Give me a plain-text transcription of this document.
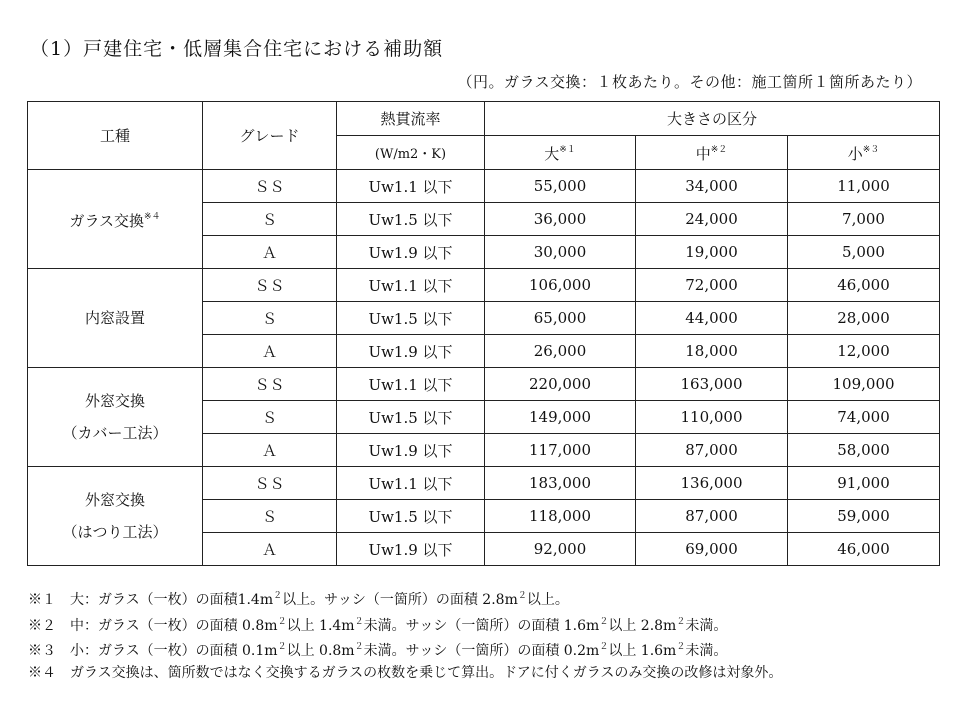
（1）戸建住宅・低層集合住宅における補助額
（円。ガラス交換：１枚あたり。その他：施工箇所１箇所あたり）
工種	グレード	熱貫流率	大きさの区分		
		(W/m2・K)	大$^{※1}$	中$^{※2}$	小$^{※3}$
ガラス交換$^{※4}$	ＳＳ	Uw1.1 以下	55,000	34,000	11,000
	Ｓ	Uw1.5 以下	36,000	24,000	7,000
	Ａ	Uw1.9 以下	30,000	19,000	5,000
内窓設置	ＳＳ	Uw1.1 以下	106,000	72,000	46,000
	Ｓ	Uw1.5 以下	65,000	44,000	28,000
	Ａ	Uw1.9 以下	26,000	18,000	12,000

外窓交換
（カバー工法）	ＳＳ	Uw1.1 以下	220,000	163,000	109,000
	Ｓ	Uw1.5 以下	149,000	110,000	74,000
	Ａ	Uw1.9 以下	117,000	87,000	58,000

外窓交換
（はつり工法）	ＳＳ	Uw1.1 以下	183,000	136,000	91,000
	Ｓ	Uw1.5 以下	118,000	87,000	59,000
	Ａ	Uw1.9 以下	92,000	69,000	46,000
※１　大：ガラス（一枚）の面積$1.4m^2$以上。サッシ（一箇所）の面積 $2.8m^2$以上。
※２　中：ガラス（一枚）の面積 $0.8m^2$以上 $1.4m^2$未満。サッシ（一箇所）の面積 $1.6m^2$以上 $2.8m^2$未満。
※３　小：ガラス（一枚）の面積 $0.1m^2$以上 $0.8m^2$未満。サッシ（一箇所）の面積 $0.2m^2$以上 $1.6m^2$未満。
※４　ガラス交換は、箇所数ではなく交換するガラスの枚数を乗じて算出。ドアに付くガラスのみ交換の改修は対象外。
